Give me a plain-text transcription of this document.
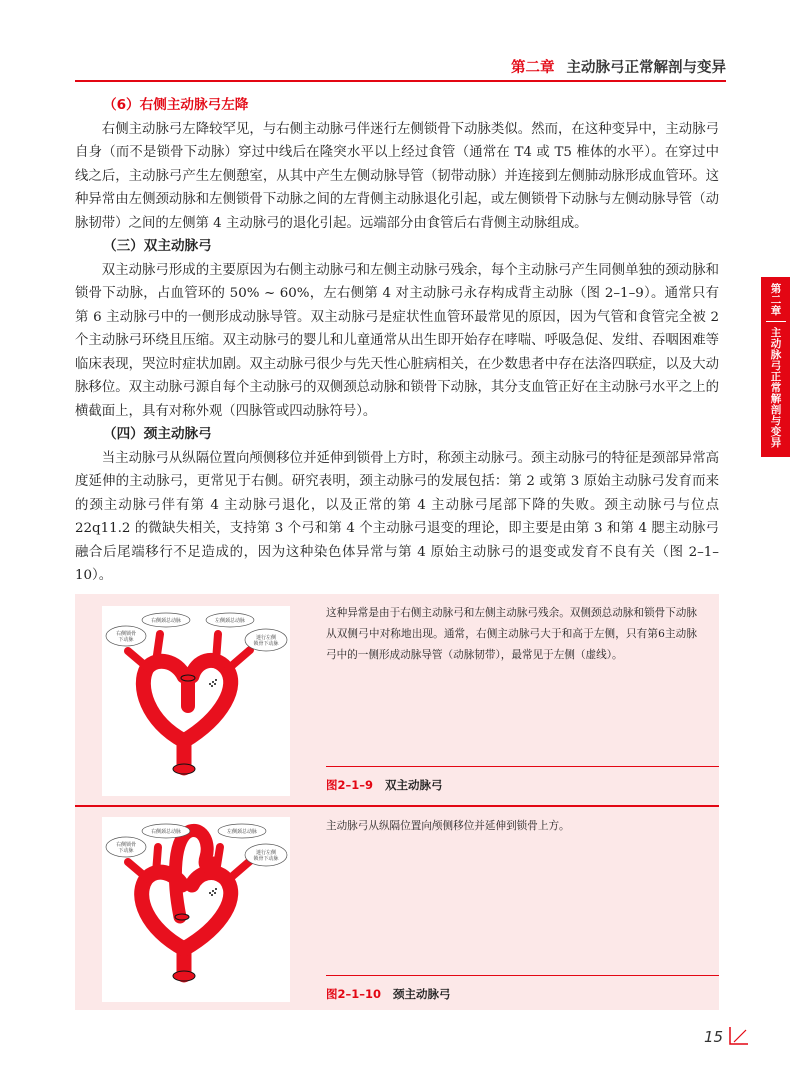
第二章 主动脉弓正常解剖与变异
第二章
主动脉弓正常解剖与变异
（6）右侧主动脉弓左降

右侧主动脉弓左降较罕见，与右侧主动脉弓伴迷行左侧锁骨下动脉类似。然而，在这种变异中，主动脉弓自身（而不是锁骨下动脉）穿过中线后在隆突水平以上经过食管（通常在 T4 或 T5 椎体的水平）。在穿过中线之后，主动脉弓产生左侧憩室，从其中产生左侧动脉导管（韧带动脉）并连接到左侧肺动脉形成血管环。这种异常由左侧颈动脉和左侧锁骨下动脉之间的左背侧主动脉退化引起，或左侧锁骨下动脉与左侧动脉导管（动脉韧带）之间的左侧第 4 主动脉弓的退化引起。远端部分由食管后右背侧主动脉组成。

（三）双主动脉弓

双主动脉弓形成的主要原因为右侧主动脉弓和左侧主动脉弓残余，每个主动脉弓产生同侧单独的颈动脉和锁骨下动脉，占血管环的 50% ~ 60%，左右侧第 4 对主动脉弓永存构成背主动脉（图 2–1–9）。通常只有第 6 主动脉弓中的一侧形成动脉导管。双主动脉弓是症状性血管环最常见的原因，因为气管和食管完全被 2 个主动脉弓环绕且压缩。双主动脉弓的婴儿和儿童通常从出生即开始存在哮喘、呼吸急促、发绀、吞咽困难等临床表现，哭泣时症状加剧。双主动脉弓很少与先天性心脏病相关，在少数患者中存在法洛四联症，以及大动脉移位。双主动脉弓源自每个主动脉弓的双侧颈总动脉和锁骨下动脉，其分支血管正好在主动脉弓水平之上的横截面上，具有对称外观（四脉管或四动脉符号）。

（四）颈主动脉弓

当主动脉弓从纵隔位置向颅侧移位并延伸到锁骨上方时，称颈主动脉弓。颈主动脉弓的特征是颈部异常高度延伸的主动脉弓，更常见于右侧。研究表明，颈主动脉弓的发展包括：第 2 或第 3 原始主动脉弓发育而来的颈主动脉弓伴有第 4 主动脉弓退化，以及正常的第 4 主动脉弓尾部下降的失败。颈主动脉弓与位点 22q11.2 的微缺失相关，支持第 3 个弓和第 4 个主动脉弓退变的理论，即主要是由第 3 和第 4 腮主动脉弓融合后尾端移行不足造成的，因为这种染色体异常与第 4 原始主动脉弓的退变或发育不良有关（图 2–1–10）。

右侧锁骨
下动脉
右侧颈总动脉	左侧颈总动脉
迷行左侧
锁骨下动脉
这种异常是由于右侧主动脉弓和左侧主动脉弓残余。双侧颈总动脉和锁骨下动脉从双侧弓中对称地出现。通常，右侧主动脉弓大于和高于左侧，只有第6主动脉弓中的一侧形成动脉导管（动脉韧带），最常见于左侧（虚线）。
图2–1–9 双主动脉弓
右侧锁骨
下动脉
右侧颈总动脉	左侧颈总动脉
迷行左侧
锁骨下动脉
主动脉弓从纵隔位置向颅侧移位并延伸到锁骨上方。
图2–1–10 颈主动脉弓
15
